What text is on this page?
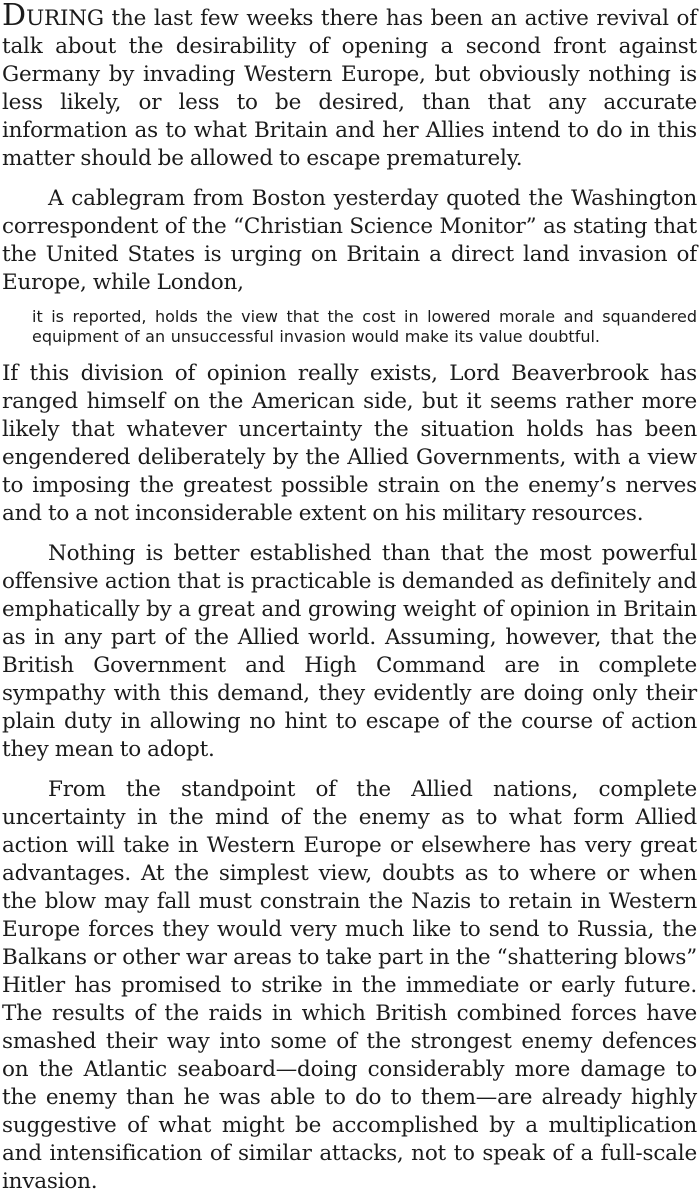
DURING the last few weeks there has been an active revival of talk about the desirability of opening a second front against Germany by invading Western Europe, but obviously nothing is less likely, or less to be desired, than that any accurate information as to what Britain and her Allies intend to do in this matter should be allowed to escape prematurely.

A cablegram from Boston yesterday quoted the Washington correspondent of the “Christian Science Monitor” as stating that the United States is urging on Britain a direct land invasion of Europe, while London,

it is reported, holds the view that the cost in lowered morale and squandered equipment of an unsuccessful invasion would make its value doubtful.

If this division of opinion really exists, Lord Beaverbrook has ranged himself on the American side, but it seems rather more likely that whatever uncertainty the situation holds has been engendered deliberately by the Allied Governments, with a view to imposing the greatest possible strain on the enemy’s nerves and to a not inconsiderable extent on his military resources.

Nothing is better established than that the most powerful offensive action that is practicable is demanded as definitely and emphatically by a great and growing weight of opinion in Britain as in any part of the Allied world. Assuming, however, that the British Government and High Command are in complete sympathy with this demand, they evidently are doing only their plain duty in allowing no hint to escape of the course of action they mean to adopt.

From the standpoint of the Allied nations, complete uncertainty in the mind of the enemy as to what form Allied action will take in Western Europe or elsewhere has very great advantages. At the simplest view, doubts as to where or when the blow may fall must constrain the Nazis to retain in Western Europe forces they would very much like to send to Russia, the Balkans or other war areas to take part in the “shattering blows” Hitler has promised to strike in the immediate or early future. The results of the raids in which British combined forces have smashed their way into some of the strongest enemy defences on the Atlantic seaboard—doing considerably more damage to the enemy than he was able to do to them—are already highly suggestive of what might be accomplished by a multiplication and intensification of similar attacks, not to speak of a full-scale invasion.
